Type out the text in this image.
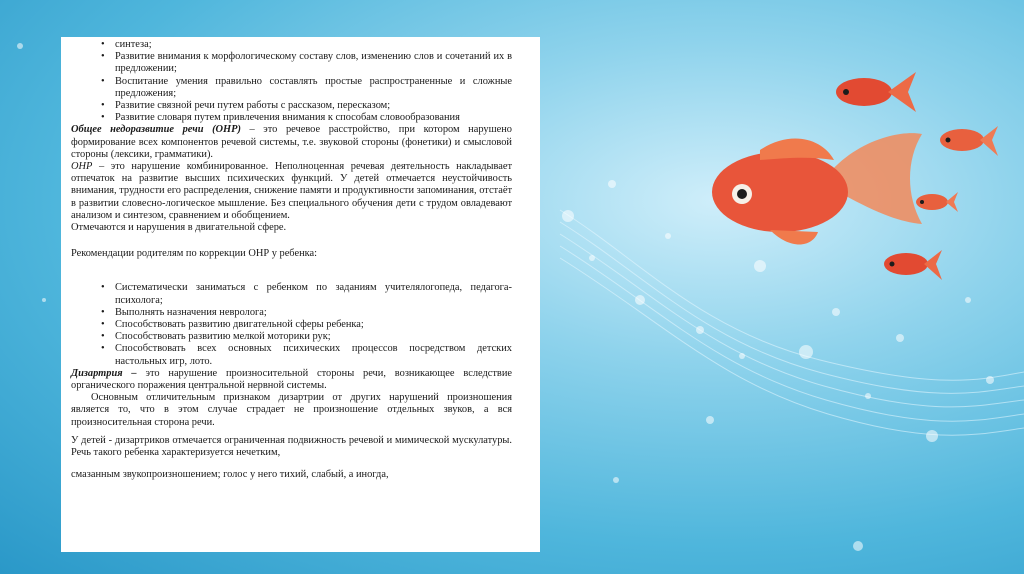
• синтеза;
• Развитие внимания к морфологическому составу слов, изменению слов и сочетаний их в предложении;
• Воспитание умения правильно составлять простые распространенные и сложные предложения;
• Развитие связной речи путем работы с рассказом, пересказом;
• Развитие словаря путем привлечения внимания к способам словообразования

Общее недоразвитие речи (ОНР) – это речевое расстройство, при котором нарушено формирование всех компонентов речевой системы, т.е. звуковой стороны (фонетики) и смысловой стороны (лексики, грамматики).

ОНР – это нарушение комбинированное. Неполноценная речевая деятельность накладывает отпечаток на развитие высших психических функций. У детей отмечается неустойчивость внимания, трудности его распределения, снижение памяти и продуктивности запоминания, отстаёт в развитии словесно-логическое мышление. Без специального обучения дети с трудом овладевают анализом и синтезом, сравнением и обобщением.

Отмечаются и нарушения в двигательной сфере.

Рекомендации родителям по коррекции ОНР у ребенка:

• Систематически заниматься с ребенком по заданиям учителялогопеда, педагога-психолога;
• Выполнять назначения невролога;
• Способствовать развитию двигательной сферы ребенка;
• Способствовать развитию мелкой моторики рук;
• Способствовать всех основных психических процессов посредством детских настольных игр, лото.

Дизартрия – это нарушение произносительной стороны речи, возникающее вследствие органического поражения центральной нервной системы.

Основным отличительным признаком дизартрии от других нарушений произношения является то, что в этом случае страдает не произношение отдельных звуков, а вся произносительная сторона речи.

У детей - дизартриков отмечается ограниченная подвижность речевой и мимической мускулатуры. Речь такого ребенка характеризуется нечетким,

смазанным звукопроизношением; голос у него тихий, слабый, а иногда,
